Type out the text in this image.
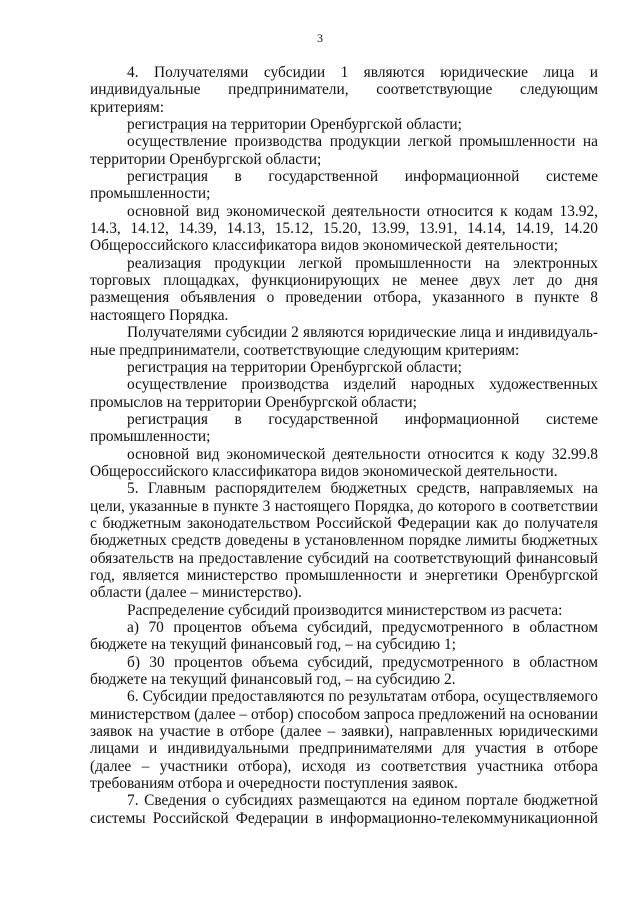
3
4. Получателями субсидии 1 являются юридические лица и
индивидуальные предприниматели, соответствующие следующим
критериям:
регистрация на территории Оренбургской области;
осуществление производства продукции легкой промышленности на
территории Оренбургской области;
регистрация в государственной информационной системе
промышленности;
основной вид экономической деятельности относится к кодам 13.92,
14.3, 14.12, 14.39, 14.13, 15.12, 15.20, 13.99, 13.91, 14.14, 14.19, 14.20
Общероссийского классификатора видов экономической деятельности;
реализация продукции легкой промышленности на электронных
торговых площадках, функционирующих не менее двух лет до дня
размещения объявления о проведении отбора, указанного в пункте 8
настоящего Порядка.
Получателями субсидии 2 являются юридические лица и индивидуаль-
ные предприниматели, соответствующие следующим критериям:
регистрация на территории Оренбургской области;
осуществление производства изделий народных художественных
промыслов на территории Оренбургской области;
регистрация в государственной информационной системе
промышленности;
основной вид экономической деятельности относится к коду 32.99.8
Общероссийского классификатора видов экономической деятельности.
5. Главным распорядителем бюджетных средств, направляемых на
цели, указанные в пункте 3 настоящего Порядка, до которого в соответствии
с бюджетным законодательством Российской Федерации как до получателя
бюджетных средств доведены в установленном порядке лимиты бюджетных
обязательств на предоставление субсидий на соответствующий финансовый
год, является министерство промышленности и энергетики Оренбургской
области (далее – министерство).
Распределение субсидий производится министерством из расчета:
а) 70 процентов объема субсидий, предусмотренного в областном
бюджете на текущий финансовый год, – на субсидию 1;
б) 30 процентов объема субсидий, предусмотренного в областном
бюджете на текущий финансовый год, – на субсидию 2.
6. Субсидии предоставляются по результатам отбора, осуществляемого
министерством (далее – отбор) способом запроса предложений на основании
заявок на участие в отборе (далее – заявки), направленных юридическими
лицами и индивидуальными предпринимателями для участия в отборе
(далее – участники отбора), исходя из соответствия участника отбора
требованиям отбора и очередности поступления заявок.
7. Сведения о субсидиях размещаются на едином портале бюджетной
системы Российской Федерации в информационно-телекоммуникационной
